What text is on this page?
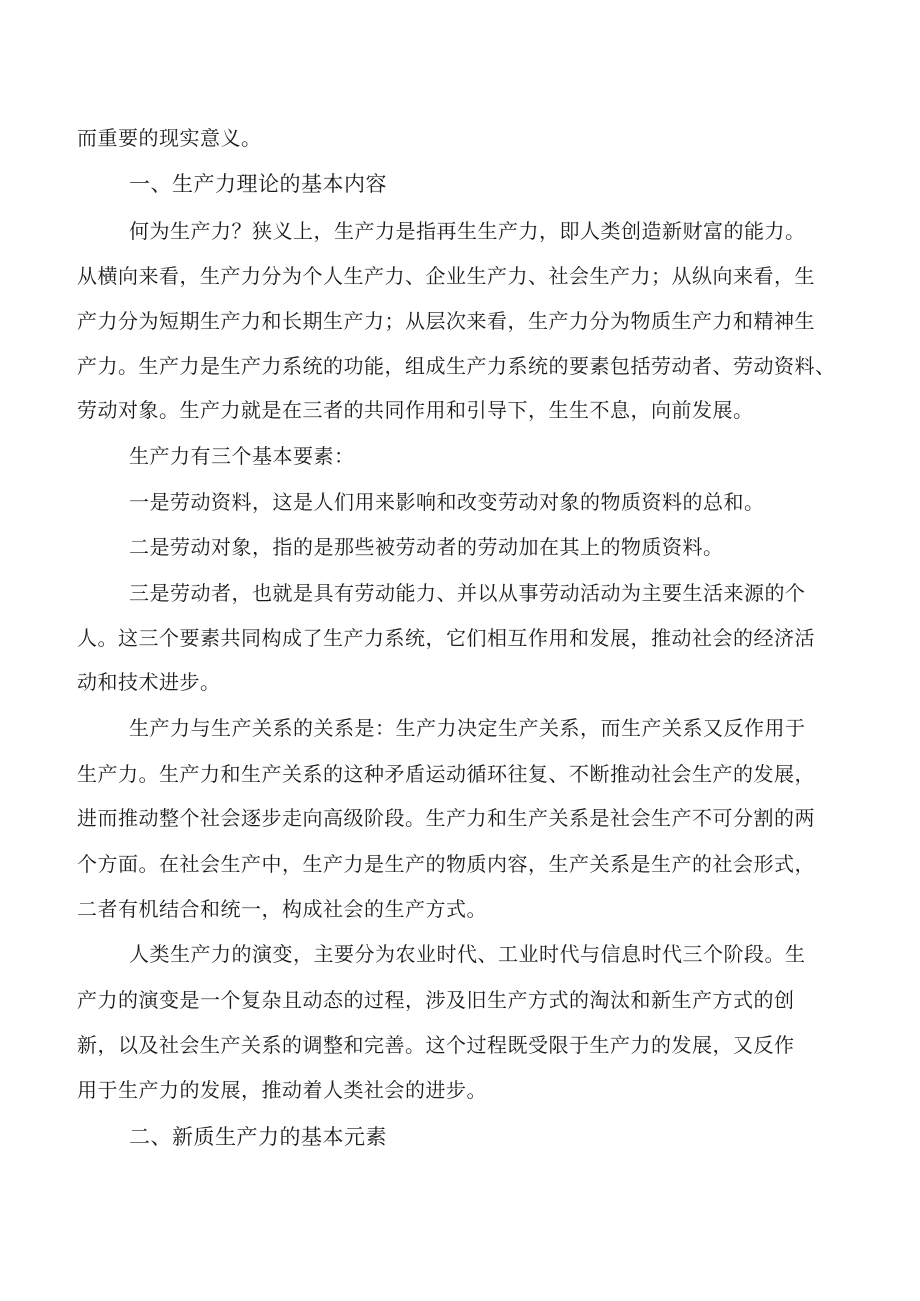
而重要的现实意义。
一、生产力理论的基本内容
何为生产力？狭义上，生产力是指再生生产力，即人类创造新财富的能力。
从横向来看，生产力分为个人生产力、企业生产力、社会生产力；从纵向来看，生
产力分为短期生产力和长期生产力；从层次来看，生产力分为物质生产力和精神生
产力。生产力是生产力系统的功能，组成生产力系统的要素包括劳动者、劳动资料、
劳动对象。生产力就是在三者的共同作用和引导下，生生不息，向前发展。
生产力有三个基本要素：
一是劳动资料，这是人们用来影响和改变劳动对象的物质资料的总和。
二是劳动对象，指的是那些被劳动者的劳动加在其上的物质资料。
三是劳动者，也就是具有劳动能力、并以从事劳动活动为主要生活来源的个
人。这三个要素共同构成了生产力系统，它们相互作用和发展，推动社会的经济活
动和技术进步。
生产力与生产关系的关系是：生产力决定生产关系，而生产关系又反作用于
生产力。生产力和生产关系的这种矛盾运动循环往复、不断推动社会生产的发展，
进而推动整个社会逐步走向高级阶段。生产力和生产关系是社会生产不可分割的两
个方面。在社会生产中，生产力是生产的物质内容，生产关系是生产的社会形式，
二者有机结合和统一，构成社会的生产方式。
人类生产力的演变，主要分为农业时代、工业时代与信息时代三个阶段。生
产力的演变是一个复杂且动态的过程，涉及旧生产方式的淘汰和新生产方式的创
新，以及社会生产关系的调整和完善。这个过程既受限于生产力的发展，又反作
用于生产力的发展，推动着人类社会的进步。
二、新质生产力的基本元素
